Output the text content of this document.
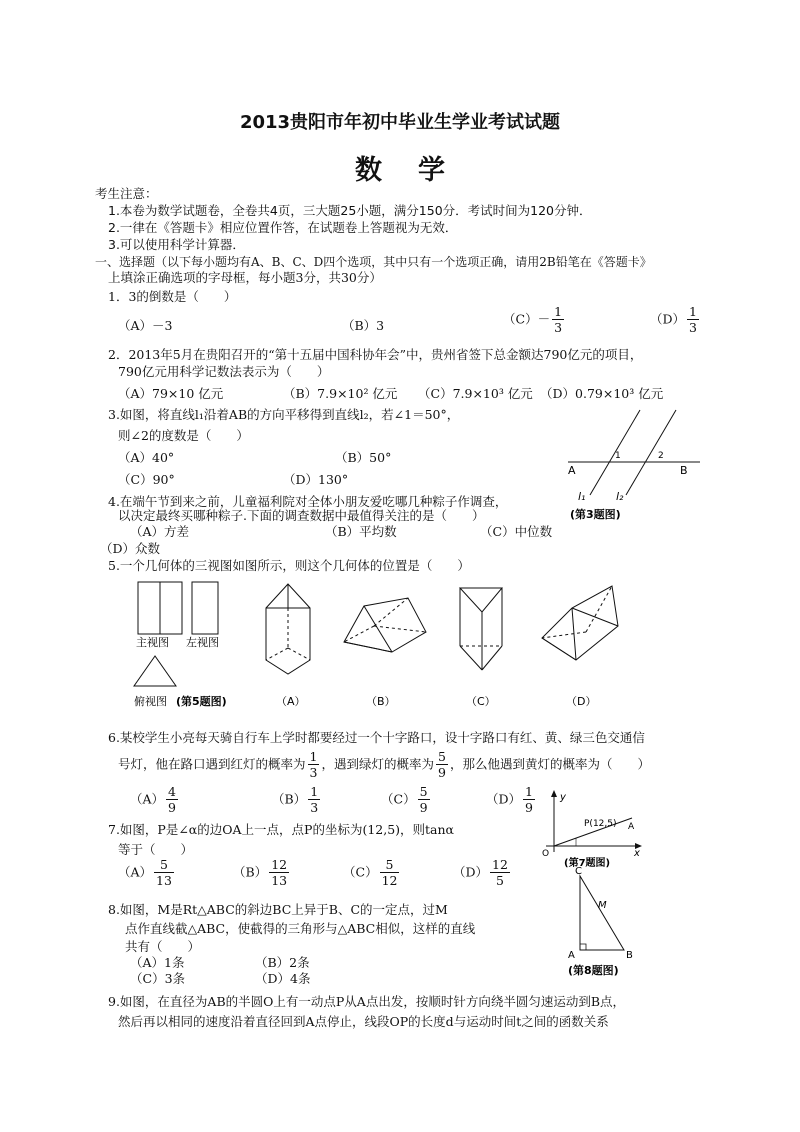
2013贵阳市年初中毕业生学业考试试题
数学
考生注意：
1.本卷为数学试题卷，全卷共4页，三大题25小题，满分150分．考试时间为120分钟．
2.一律在《答题卡》相应位置作答，在试题卷上答题视为无效．
3.可以使用科学计算器．
一、选择题（以下每小题均有A、B、C、D四个选项，其中只有一个选项正确，请用2B铅笔在《答题卡》
上填涂正确选项的字母框，每小题3分，共30分）
1．3的倒数是（　　）
（A）－3	（B）3	$(C)- \frac{1}{3}$	$(D) \frac{1}{3}$
2．2013年5月在贵阳召开的“第十五届中国科协年会”中，贵州省签下总金额达790亿元的项目，
790亿元用科学记数法表示为（　　）
（A）79×10 亿元	（B）7.9×10² 亿元 （C）7.9×10³ 亿元 （D）0.79×10³ 亿元
3.如图，将直线l₁沿着AB的方向平移得到直线l₂，若∠1＝50°，
则∠2的度数是（　　）
（A）40°	（B）50°
（C）90°	（D）130°
A	B
1	2
l₁	l₂
(第3题图)
4.在端午节到来之前，儿童福利院对全体小朋友爱吃哪几种粽子作调查，
以决定最终买哪种粽子.下面的调查数据中最值得关注的是（　　）
（A）方差	（B）平均数	（C）中位数
（D）众数
5.一个几何体的三视图如图所示，则这个几何体的位置是（　　）
主视图 左视图
俯视图 (第5题图)	（A）	（B）	（C）	（D）
6.某校学生小亮每天骑自行车上学时都要经过一个十字路口，设十字路口有红、黄、绿三色交通信
号灯，他在路口遇到红灯的概率为 $\frac{1}{3}$ ，遇到绿灯的概率为 $\frac{5}{9}$ ，那么他遇到黄灯的概率为（　　）
$(A) \frac{4}{9}$	$(B) \frac{1}{3}$	$(C) \frac{5}{9}$	$(D) \frac{1}{9}$
7.如图，P是∠α的边OA上一点，点P的坐标为(12,5)，则tanα
等于（　　）
$(A) \frac{5}{13}$	$(B) \frac{12}{13}$	$(C) \frac{5}{12}$	$(D) \frac{12}{5}$
y
O	x
P(12,5) A
(第7题图)
8.如图，M是Rt△ABC的斜边BC上异于B、C的一定点，过M
点作直线截△ABC，使截得的三角形与△ABC相似，这样的直线
共有（　　）
（A）1条	（B）2条
（C）3条	（D）4条
C
M
A	B
(第8题图)
9.如图，在直径为AB的半圆O上有一动点P从A点出发，按顺时针方向绕半圆匀速运动到B点，
然后再以相同的速度沿着直径回到A点停止，线段OP的长度d与运动时间t之间的函数关系
